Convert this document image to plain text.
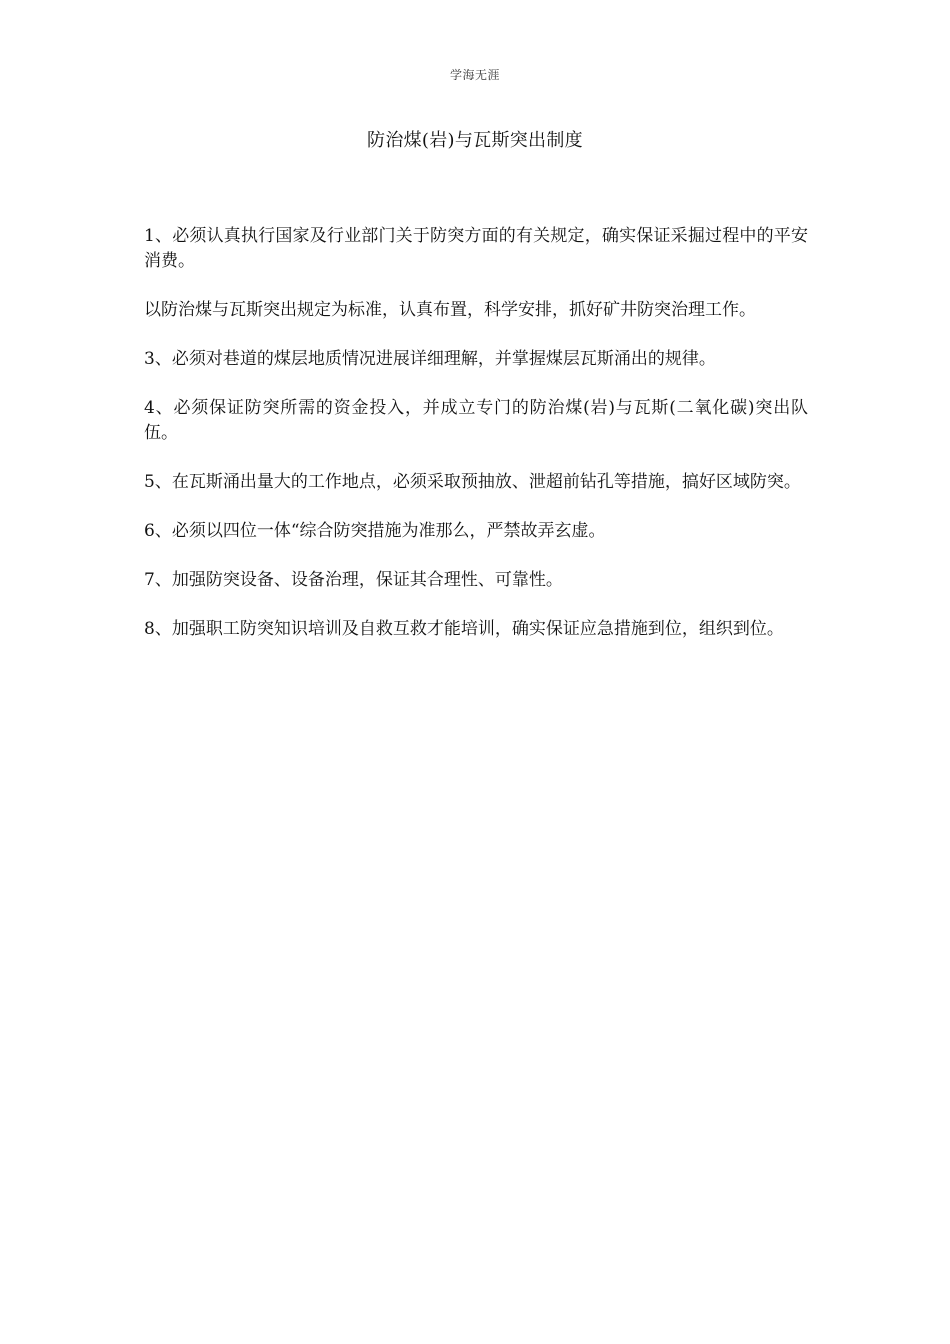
学海无涯
防治煤(岩)与瓦斯突出制度

1、必须认真执行国家及行业部门关于防突方面的有关规定，确实保证采掘过程中的平安消费。

以防治煤与瓦斯突出规定为标准，认真布置，科学安排，抓好矿井防突治理工作。

3、必须对巷道的煤层地质情况进展详细理解，并掌握煤层瓦斯涌出的规律。

4、必须保证防突所需的资金投入，并成立专门的防治煤(岩)与瓦斯(二氧化碳)突出队伍。

5、在瓦斯涌出量大的工作地点，必须采取预抽放、泄超前钻孔等措施，搞好区域防突。

6、必须以四位一体“综合防突措施为准那么，严禁故弄玄虚。

7、加强防突设备、设备治理，保证其合理性、可靠性。

8、加强职工防突知识培训及自救互救才能培训，确实保证应急措施到位，组织到位。
